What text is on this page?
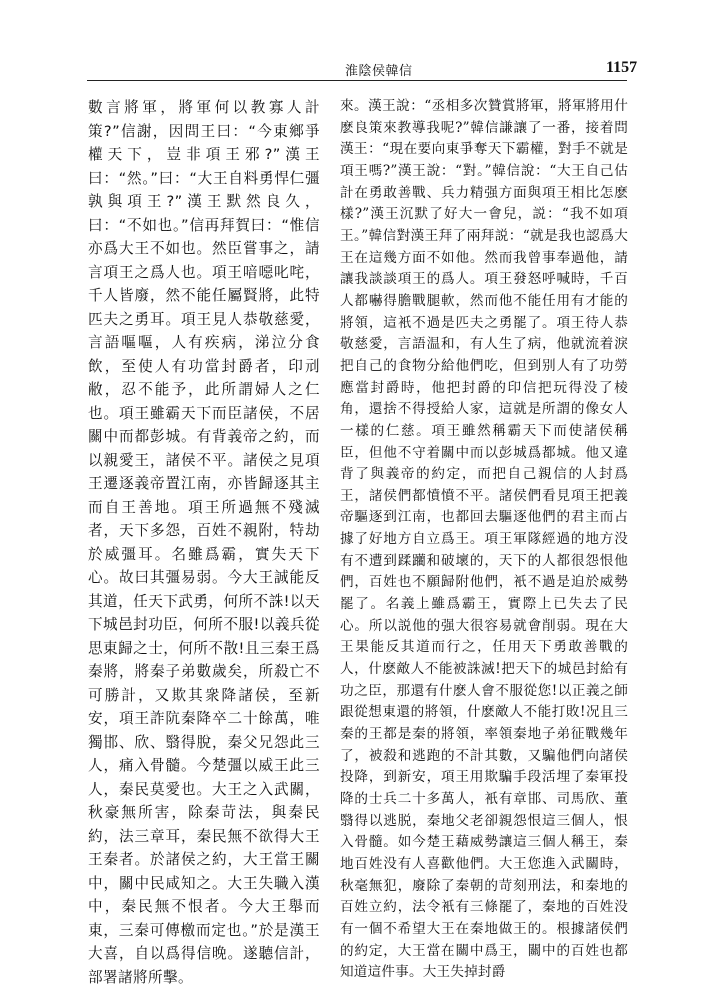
淮陰侯韓信	1157

數言將軍，將軍何以教寡人計策?”信謝，因問王曰：“今東鄉爭權天下，豈非項王邪?”漢王曰：“然。”曰：“大王自料勇悍仁彊孰與項王?”漢王默然良久，曰：“不如也。”信再拜賀曰：“惟信亦爲大王不如也。然臣嘗事之，請言項王之爲人也。項王喑噁叱咤，千人皆廢，然不能任屬賢將，此特匹夫之勇耳。項王見人恭敬慈愛，言語嘔嘔，人有疾病，涕泣分食飲，至使人有功當封爵者，印刓敝，忍不能予，此所謂婦人之仁也。項王雖霸天下而臣諸侯，不居關中而都彭城。有背義帝之約，而以親愛王，諸侯不平。諸侯之見項王遷逐義帝置江南，亦皆歸逐其主而自王善地。項王所過無不殘滅者，天下多怨，百姓不親附，特劫於威彊耳。名雖爲霸，實失天下心。故曰其彊易弱。今大王誠能反其道，任天下武勇，何所不誅!以天下城邑封功臣，何所不服!以義兵從思東歸之士，何所不散!且三秦王爲秦將，將秦子弟數歲矣，所殺亡不可勝計，又欺其衆降諸侯，至新安，項王詐阬秦降卒二十餘萬，唯獨邯、欣、翳得脫，秦父兄怨此三人，痛入骨髓。今楚彊以威王此三人，秦民莫愛也。大王之入武關，秋豪無所害，除秦苛法，與秦民約，法三章耳，秦民無不欲得大王王秦者。於諸侯之約，大王當王關中，關中民咸知之。大王失職入漢中，秦民無不恨者。今大王舉而東，三秦可傳檄而定也。”於是漢王大喜，自以爲得信晚。遂聽信計，部署諸將所擊。

來。漢王說：“丞相多次贊賞將軍，將軍將用什麽良策來教導我呢?”韓信謙讓了一番，接着問漢王：“現在要向東爭奪天下霸權，對手不就是項王嗎?”漢王說：“對。”韓信說：“大王自己估計在勇敢善戰、兵力精强方面與項王相比怎麽樣?”漢王沉默了好大一會兒，説：“我不如項王。”韓信對漢王拜了兩拜説：“就是我也認爲大王在這幾方面不如他。然而我曾事奉過他，請讓我談談項王的爲人。項王發怒呼喊時，千百人都嚇得膽戰腿軟，然而他不能任用有才能的將領，這衹不過是匹夫之勇罷了。項王待人恭敬慈愛，言語温和，有人生了病，他就流着淚把自己的食物分給他們吃，但到别人有了功勞應當封爵時，他把封爵的印信把玩得没了棱角，還捨不得授給人家，這就是所謂的像女人一樣的仁慈。項王雖然稱霸天下而使諸侯稱臣，但他不守着關中而以彭城爲都城。他又違背了與義帝的約定，而把自己親信的人封爲王，諸侯們都憤憤不平。諸侯們看見項王把義帝驅逐到江南，也都回去驅逐他們的君主而占據了好地方自立爲王。項王軍隊經過的地方没有不遭到蹂躪和破壞的，天下的人都很怨恨他們，百姓也不願歸附他們，衹不過是迫於威勢罷了。名義上雖爲霸王，實際上已失去了民心。所以説他的强大很容易就會削弱。現在大王果能反其道而行之，任用天下勇敢善戰的人，什麽敵人不能被誅滅!把天下的城邑封給有功之臣，那還有什麽人會不服從您!以正義之師跟從想東還的將領，什麽敵人不能打敗!况且三秦的王都是秦的將領，率領秦地子弟征戰幾年了，被殺和逃跑的不計其數，又騙他們向諸侯投降，到新安，項王用欺騙手段活埋了秦軍投降的士兵二十多萬人，衹有章邯、司馬欣、董翳得以逃脱，秦地父老卻親怨恨這三個人，恨入骨髓。如今楚王藉威勢讓這三個人稱王，秦地百姓没有人喜歡他們。大王您進入武關時，秋毫無犯，廢除了秦朝的苛刻刑法，和秦地的百姓立約，法令衹有三條罷了，秦地的百姓没有一個不希望大王在秦地做王的。根據諸侯們的約定，大王當在關中爲王，關中的百姓也都知道這件事。大王失掉封爵
